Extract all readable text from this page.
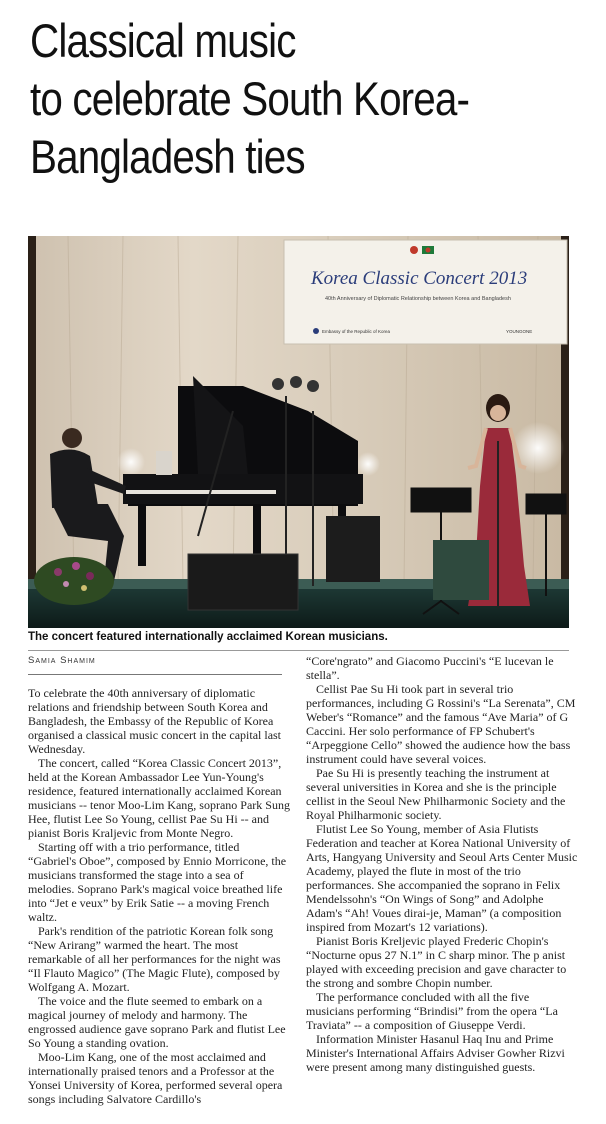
Classical music
to celebrate South Korea-
Bangladesh ties
Korea Classic Concert 2013
40th Anniversary of Diplomatic Relationship between Korea and Bangladesh
Embassy of the Republic of Korea	YOUNGONE
The concert featured internationally acclaimed Korean musicians.
Samia Shamim

To celebrate the 40th anniversary of diplomatic relations and friendship between South Korea and Bangladesh, the Embassy of the Republic of Korea organised a classical music concert in the capital last Wednesday.

The concert, called “Korea Classic Concert 2013”, held at the Korean Ambassador Lee Yun-Young's residence, featured internationally acclaimed Korean musicians -- tenor Moo-Lim Kang, soprano Park Sung Hee, flutist Lee So Young, cellist Pae Su Hi -- and pianist Boris Kraljevic from Monte Negro.

Starting off with a trio performance, titled “Gabriel's Oboe”, composed by Ennio Morricone, the musicians transformed the stage into a sea of melodies. Soprano Park's magical voice breathed life into “Jet e veux” by Erik Satie -- a moving French waltz.

Park's rendition of the patriotic Korean folk song “New Arirang” warmed the heart. The most remarkable of all her performances for the night was “Il Flauto Magico” (The Magic Flute), composed by Wolfgang A. Mozart.

The voice and the flute seemed to embark on a magical journey of melody and harmony. The engrossed audience gave soprano Park and flutist Lee So Young a standing ovation.

Moo-Lim Kang, one of the most acclaimed and internationally praised tenors and a Professor at the Yonsei University of Korea, performed several opera songs including Salvatore Cardillo's

“Core'ngrato” and Giacomo Puccini's “E lucevan le stella”.

Cellist Pae Su Hi took part in several trio performances, including G Rossini's “La Serenata”, CM Weber's “Romance” and the famous “Ave Maria” of G Caccini. Her solo performance of FP Schubert's “Arpeggione Cello” showed the audience how the bass instrument could have several voices.

Pae Su Hi is presently teaching the instrument at several universities in Korea and she is the principle cellist in the Seoul New Philharmonic Society and the Royal Philharmonic society.

Flutist Lee So Young, member of Asia Flutists Federation and teacher at Korea National University of Arts, Hangyang University and Seoul Arts Center Music Academy, played the flute in most of the trio performances. She accompanied the soprano in Felix Mendelssohn's “On Wings of Song” and Adolphe Adam's “Ah! Voues dirai-je, Maman” (a composition inspired from Mozart's 12 variations).

Pianist Boris Kreljevic played Frederic Chopin's “Nocturne opus 27 N.1” in C sharp minor. The p anist played with exceeding precision and gave character to the strong and sombre Chopin number.

The performance concluded with all the five musicians performing “Brindisi” from the opera “La Traviata” -- a composition of Giuseppe Verdi.

Information Minister Hasanul Haq Inu and Prime Minister's International Affairs Adviser Gowher Rizvi were present among many distinguished guests.
